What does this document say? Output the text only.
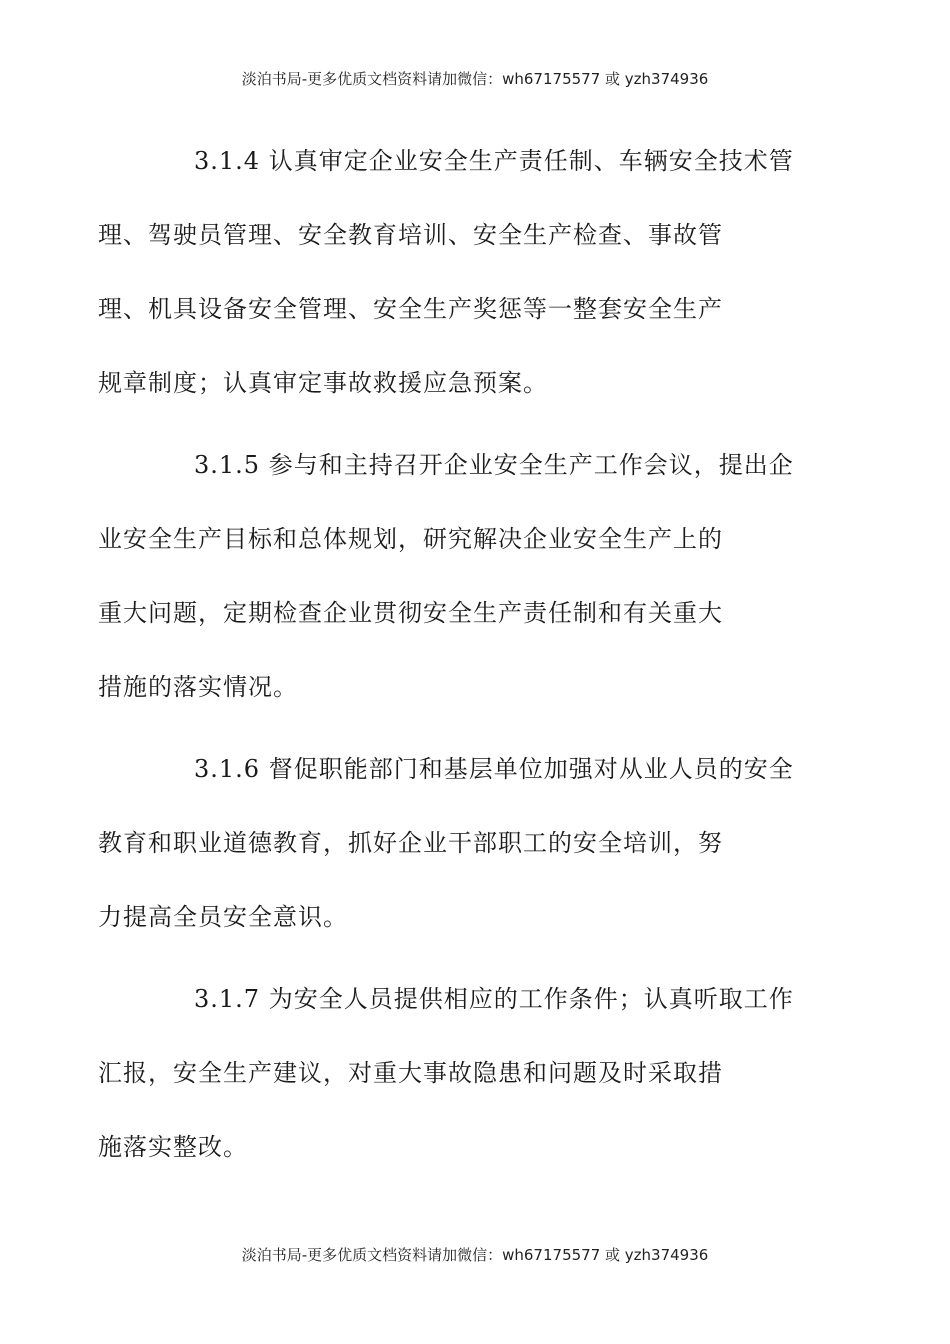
淡泊书局-更多优质文档资料请加微信：wh67175577 或 yzh374936

3.1.4 认真审定企业安全生产责任制、车辆安全技术管
理、驾驶员管理、安全教育培训、安全生产检查、事故管
理、机具设备安全管理、安全生产奖惩等一整套安全生产
规章制度；认真审定事故救援应急预案。

3.1.5 参与和主持召开企业安全生产工作会议，提出企
业安全生产目标和总体规划，研究解决企业安全生产上的
重大问题，定期检查企业贯彻安全生产责任制和有关重大
措施的落实情况。

3.1.6 督促职能部门和基层单位加强对从业人员的安全
教育和职业道德教育，抓好企业干部职工的安全培训，努
力提高全员安全意识。

3.1.7 为安全人员提供相应的工作条件；认真听取工作
汇报，安全生产建议，对重大事故隐患和问题及时采取措
施落实整改。

淡泊书局-更多优质文档资料请加微信：wh67175577 或 yzh374936
